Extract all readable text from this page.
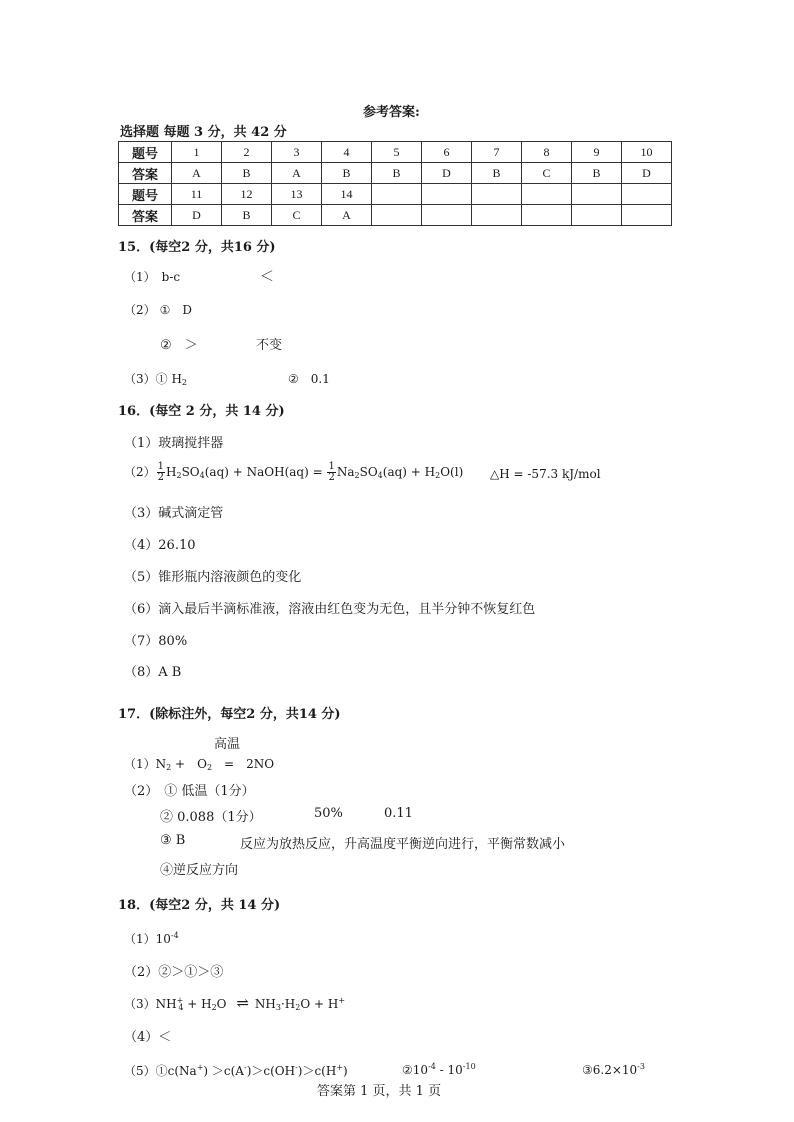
参考答案:
选择题 每题 3 分，共 42 分
题号	1	2	3	4	5	6	7	8	9	10
答案	A	B	A	B	B	D	B	C	B	D
题号	11	12	13	14						
答案	D	B	C	A						
15．(每空2 分，共16 分)
（1） b-c	＜
（2） ①　D
②　＞	不变
（3）① H2	②　0.1
16．(每空 2 分，共 14 分)
（1）玻璃搅拌器
$(2) \frac{1}{2} H2SO4(aq)$ + NaOH(aq) = $\frac{1}{2} Na2SO4(aq) + H2O(l)$ △H = -57.3 kJ/mol
（3）碱式滴定管
（4）26.10
（5）锥形瓶内溶液颜色的变化
（6）滴入最后半滴标准液，溶液由红色变为无色，且半分钟不恢复红色
（7）80%
（8）A B
17．(除标注外，每空2 分，共14 分)
高温
（1）N2 +　O2　=　2NO
（2） ① 低温（1分）
② 0.088（1分）	50%	0.11
③ B	反应为放热反应，升高温度平衡逆向进行，平衡常数减小
④逆反应方向
18．(每空2 分，共 14 分)
$(1)10^{-4}$
（2）②＞①＞③
（3）NH+4 + H2O ⇌ NH3·H2O + H+
（4）＜
（5）①c(Na+) ＞c(A-)＞c(OH-)＞c(H+)	$②10^{-4} - 10^{-10}$	$③6.2\times 10^{-3}$
答案第 1 页，共 1 页
